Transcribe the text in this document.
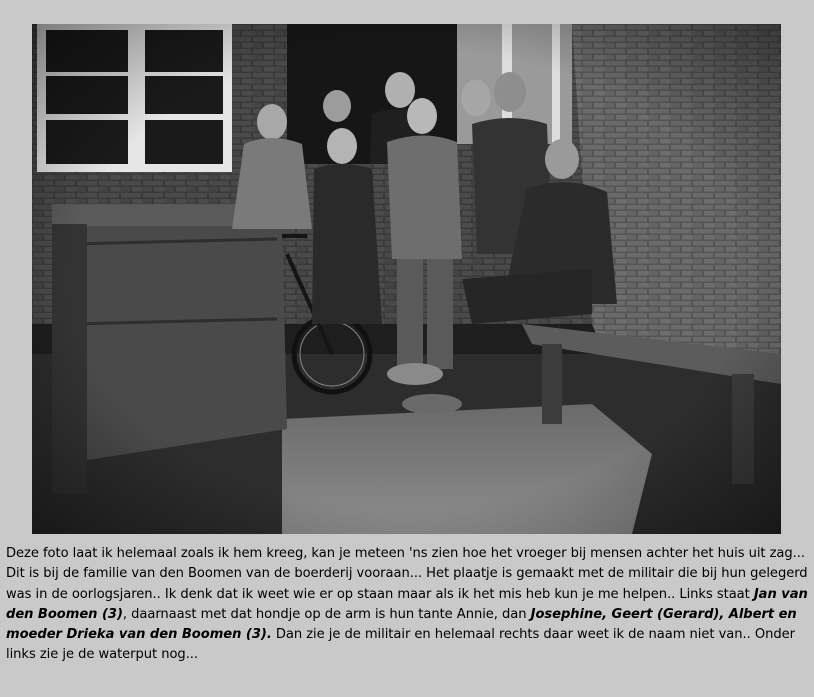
Deze foto laat ik helemaal zoals ik hem kreeg, kan je meteen 'ns zien hoe het vroeger bij mensen achter het huis uit zag... Dit is bij de familie van den Boomen van de boerderij vooraan... Het plaatje is gemaakt met de militair die bij hun gelegerd was in de oorlogsjaren.. Ik denk dat ik weet wie er op staan maar als ik het mis heb kun je me helpen.. Links staat Jan van den Boomen (3), daarnaast met dat hondje op de arm is hun tante Annie, dan Josephine, Geert (Gerard), Albert en moeder Drieka van den Boomen (3). Dan zie je de militair en helemaal rechts daar weet ik de naam niet van.. Onder links zie je de waterput nog...
